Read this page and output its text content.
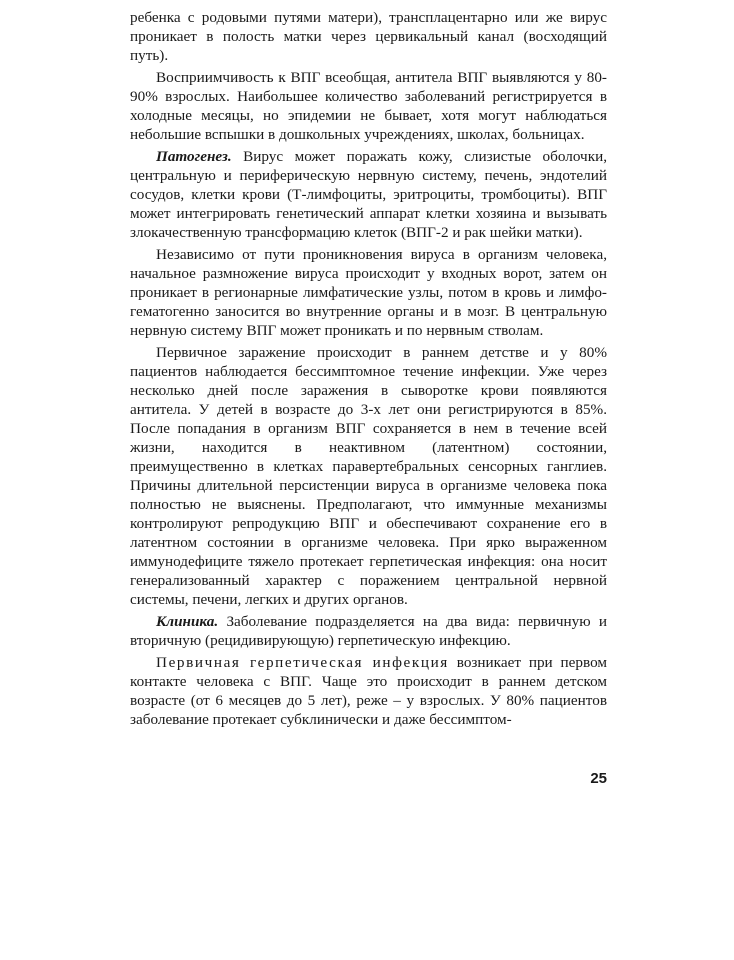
ребенка с родовыми путями матери), трансплацентарно или же вирус проникает в полость матки через цервикальный канал (восходящий путь).

Восприимчивость к ВПГ всеобщая, антитела ВПГ выявляются у 80-90% взрослых. Наибольшее количество заболеваний регистрируется в холодные месяцы, но эпидемии не бывает, хотя могут наблюдаться небольшие вспышки в дошкольных учреждениях, школах, больницах.

Патогенез. Вирус может поражать кожу, слизистые оболочки, центральную и периферическую нервную систему, печень, эндотелий сосудов, клетки крови (Т-лимфоциты, эритроциты, тромбоциты). ВПГ может интегрировать генетический аппарат клетки хозяина и вызывать злокачественную трансформацию клеток (ВПГ-2 и рак шейки матки).

Независимо от пути проникновения вируса в организм человека, начальное размножение вируса происходит у входных ворот, затем он проникает в регионарные лимфатические узлы, потом в кровь и лимфо-гематогенно заносится во внутренние органы и в мозг. В центральную нервную систему ВПГ может проникать и по нервным стволам.

Первичное заражение происходит в раннем детстве и у 80% пациентов наблюдается бессимптомное течение инфекции. Уже через несколько дней после заражения в сыворотке крови появляются антитела. У детей в возрасте до 3-х лет они регистрируются в 85%. После попадания в организм ВПГ сохраняется в нем в течение всей жизни, находится в неактивном (латентном) состоянии, преимущественно в клетках паравертебральных сенсорных ганглиев. Причины длительной персистенции вируса в организме человека пока полностью не выяснены. Предполагают, что иммунные механизмы контролируют репродукцию ВПГ и обеспечивают сохранение его в латентном состоянии в организме человека. При ярко выраженном иммунодефиците тяжело протекает герпетическая инфекция: она носит генерализованный характер с поражением центральной нервной системы, печени, легких и других органов.

Клиника. Заболевание подразделяется на два вида: первичную и вторичную (рецидивирующую) герпетическую инфекцию.

Первичная герпетическая инфекция возникает при первом контакте человека с ВПГ. Чаще это происходит в раннем детском возрасте (от 6 месяцев до 5 лет), реже – у взрослых. У 80% пациентов заболевание протекает субклинически и даже бессимптом-

25
